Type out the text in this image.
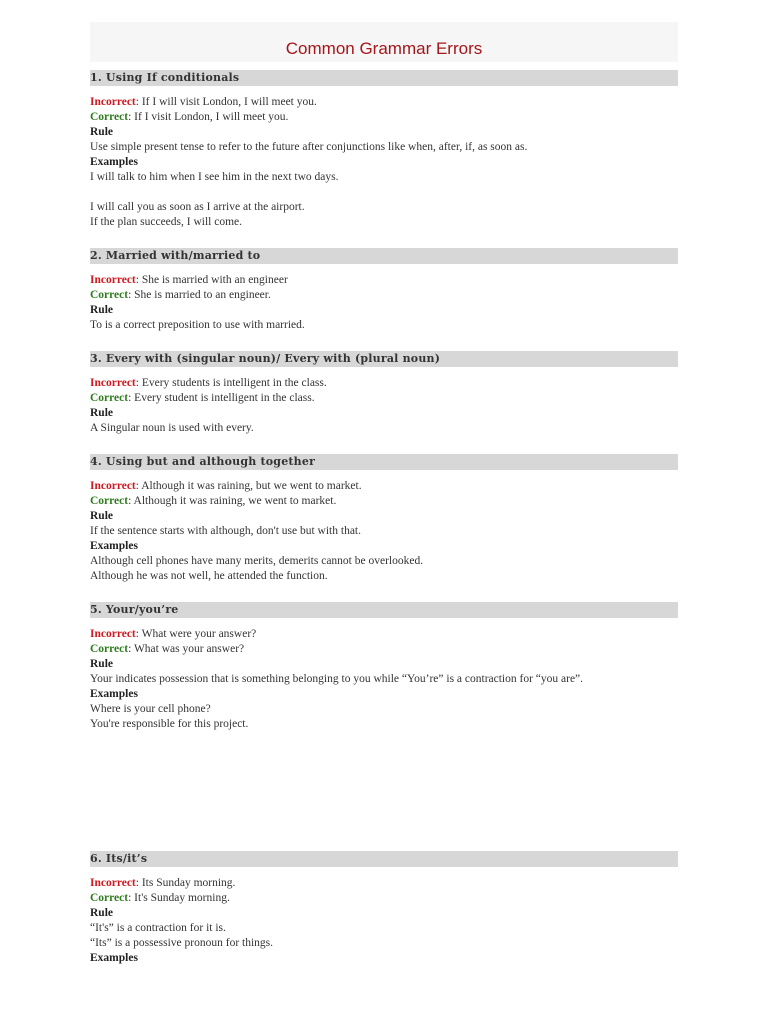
Common Grammar Errors
1. Using If conditionals
Incorrect: If I will visit London, I will meet you.
Correct: If I visit London, I will meet you.
Rule
Use simple present tense to refer to the future after conjunctions like when, after, if, as soon as.
Examples
I will talk to him when I see him in the next two days.
I will call you as soon as I arrive at the airport.
If the plan succeeds, I will come.
2. Married with/married to
Incorrect: She is married with an engineer
Correct: She is married to an engineer.
Rule
To is a correct preposition to use with married.
3. Every with (singular noun)/ Every with (plural noun)
Incorrect: Every students is intelligent in the class.
Correct: Every student is intelligent in the class.
Rule
A Singular noun is used with every.
4. Using but and although together
Incorrect: Although it was raining, but we went to market.
Correct: Although it was raining, we went to market.
Rule
If the sentence starts with although, don't use but with that.
Examples
Although cell phones have many merits, demerits cannot be overlooked.
Although he was not well, he attended the function.
5. Your/you’re
Incorrect: What were your answer?
Correct: What was your answer?
Rule
Your indicates possession that is something belonging to you while “You’re” is a contraction for “you are”.
Examples
Where is your cell phone?
You're responsible for this project.
6. Its/it’s
Incorrect: Its Sunday morning.
Correct: It's Sunday morning.
Rule
“It's” is a contraction for it is.
“Its” is a possessive pronoun for things.
Examples
